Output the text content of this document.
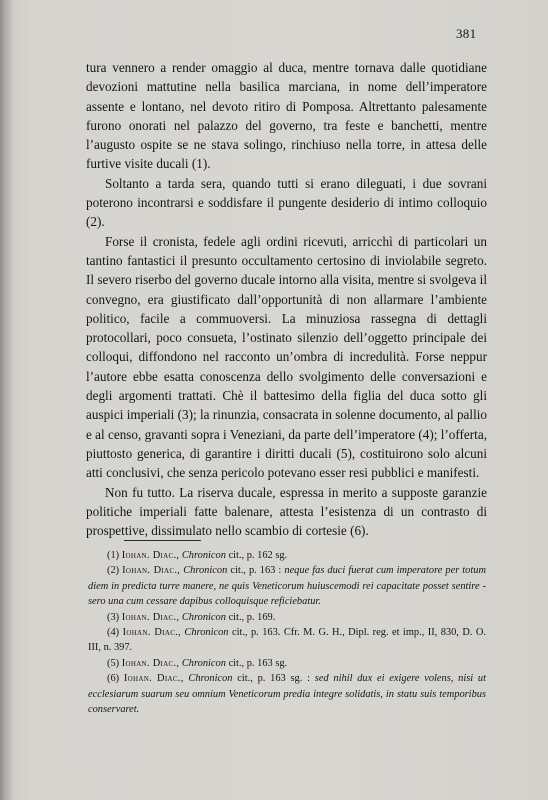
381

tura vennero a render omaggio al duca, mentre tornava dalle quotidiane devozioni mattutine nella basilica marciana, in nome dell’imperatore assente e lontano, nel devoto ritiro di Pomposa. Altrettanto palesamente furono onorati nel palazzo del governo, tra feste e banchetti, mentre l’augusto ospite se ne stava solingo, rinchiuso nella torre, in attesa delle furtive visite ducali (1).

Soltanto a tarda sera, quando tutti si erano dileguati, i due sovrani poterono incontrarsi e soddisfare il pungente desiderio di intimo colloquio (2).

Forse il cronista, fedele agli ordini ricevuti, arricchì di particolari un tantino fantastici il presunto occultamento certosino di inviolabile segreto. Il severo riserbo del governo ducale intorno alla visita, mentre si svolgeva il convegno, era giustificato dall’opportunità di non allarmare l’ambiente politico, facile a commuoversi. La minuziosa rassegna di dettagli protocollari, poco consueta, l’ostinato silenzio dell’oggetto principale dei colloqui, diffondono nel racconto un’ombra di incredulità. Forse neppur l’autore ebbe esatta conoscenza dello svolgimento delle conversazioni e degli argomenti trattati. Chè il battesimo della figlia del duca sotto gli auspici imperiali (3); la rinunzia, consacrata in solenne documento, al pallio e al censo, gravanti sopra i Veneziani, da parte dell’imperatore (4); l’offerta, piuttosto generica, di garantire i diritti ducali (5), costituirono solo alcuni atti conclusivi, che senza pericolo potevano esser resi pubblici e manifesti.

Non fu tutto. La riserva ducale, espressa in merito a supposte garanzie politiche imperiali fatte balenare, attesta l’esistenza di un contrasto di prospettive, dissimulato nello scambio di cortesie (6).

(1) Iohan. Diac., Chronicon cit., p. 162 sg.

(2) Iohan. Diac., Chronicon cit., p. 163 : neque fas duci fuerat cum imperatore per totum diem in predicta turre manere, ne quis Veneticorum huiuscemodi rei capacitate posset sentire - sero una cum cessare dapibus colloquisque reficiebatur.

(3) Iohan. Diac., Chronicon cit., p. 169.

(4) Iohan. Diac., Chronicon cit., p. 163. Cfr. M. G. H., Dipl. reg. et imp., II, 830, D. O. III, n. 397.

(5) Iohan. Diac., Chronicon cit., p. 163 sg.

(6) Iohan. Diac., Chronicon cit., p. 163 sg. : sed nihil dux ei exigere volens, nisi ut ecclesiarum suarum seu omnium Veneticorum predia integre solidatis, in statu suis temporibus conservaret.
